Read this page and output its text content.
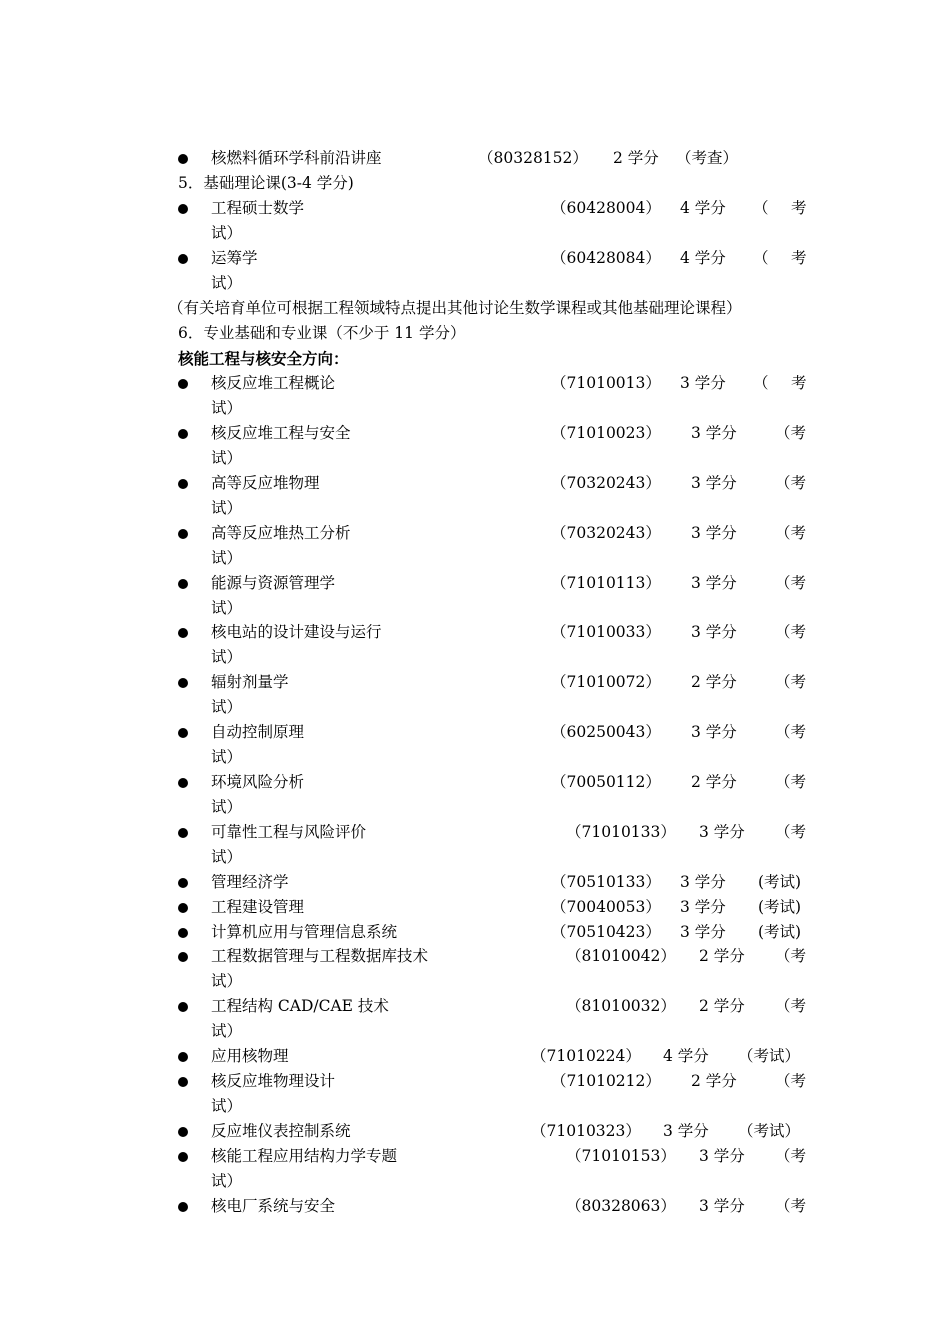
核燃料循环学科前沿讲座	（80328152） 2 学分 （考查）
5．基础理论课(3-4 学分)
工程硕士数学	（60428004） 4 学分 （ 考
试）
运筹学	（60428084） 4 学分 （ 考
试）
（有关培育单位可根据工程领域特点提出其他讨论生数学课程或其他基础理论课程）
6．专业基础和专业课（不少于 11 学分）
核能工程与核安全方向：
核反应堆工程概论	（71010013） 3 学分 （ 考
试）
核反应堆工程与安全	（71010023） 3 学分 （考
试）
高等反应堆物理	（70320243） 3 学分 （考
试）
高等反应堆热工分析	（70320243） 3 学分 （考
试）
能源与资源管理学	（71010113） 3 学分 （考
试）
核电站的设计建设与运行	（71010033） 3 学分 （考
试）
辐射剂量学	（71010072） 2 学分 （考
试）
自动控制原理	（60250043） 3 学分 （考
试）
环境风险分析	（70050112） 2 学分 （考
试）
可靠性工程与风险评价	（71010133） 3 学分 （考
试）
管理经济学	（70510133） 3 学分 (考试)
工程建设管理	（70040053） 3 学分 (考试)
计算机应用与管理信息系统	（70510423） 3 学分 (考试)
工程数据管理与工程数据库技术	（81010042） 2 学分 （考
试）
工程结构 CAD/CAE 技术	（81010032） 2 学分 （考
试）
应用核物理	（71010224） 4 学分 （考试）
核反应堆物理设计	（71010212） 2 学分 （考
试）
反应堆仪表控制系统	（71010323） 3 学分 （考试）
核能工程应用结构力学专题	（71010153） 3 学分 （考
试）
核电厂系统与安全	（80328063） 3 学分 （考
